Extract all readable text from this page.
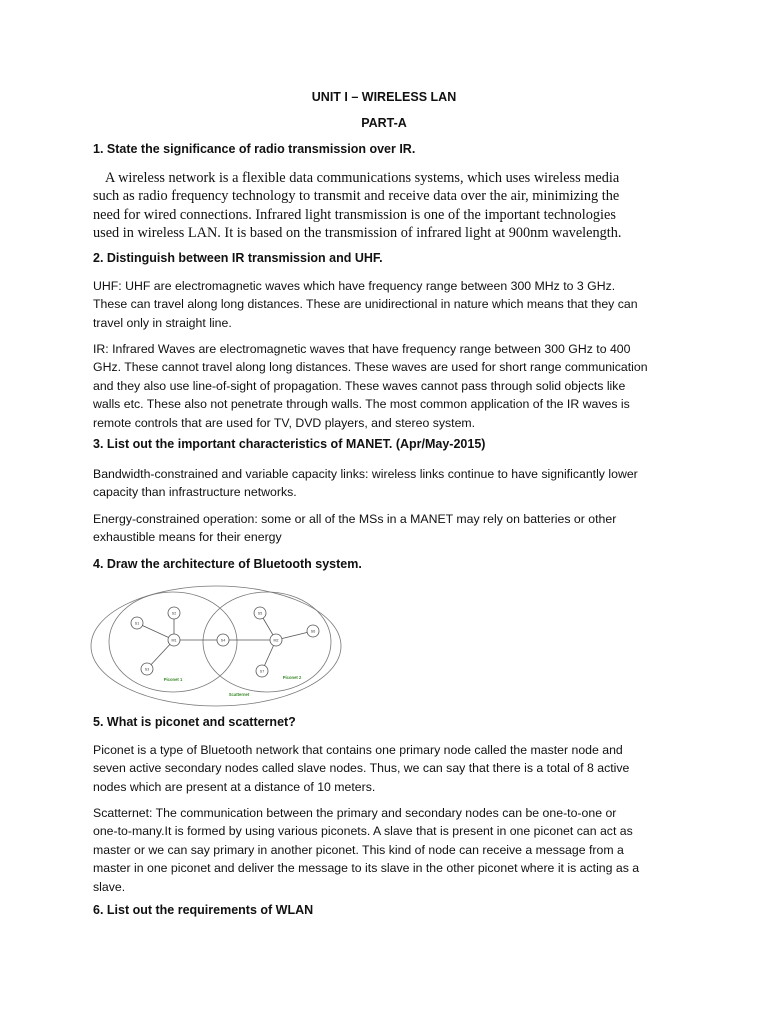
UNIT I – WIRELESS LAN
PART-A
1. State the significance of radio transmission over IR.
A wireless network is a flexible data communications systems, which uses wireless media
such as radio frequency technology to transmit and receive data over the air, minimizing the
need for wired connections. Infrared light transmission is one of the important technologies
used in wireless LAN. It is based on the transmission of infrared light at 900nm wavelength.
2. Distinguish between IR transmission and UHF.
UHF: UHF are electromagnetic waves which have frequency range between 300 MHz to 3 GHz.
These can travel along long distances. These are unidirectional in nature which means that they can
travel only in straight line.
IR: Infrared Waves are electromagnetic waves that have frequency range between 300 GHz to 400
GHz. These cannot travel along long distances. These waves are used for short range communication
and they also use line-of-sight of propagation. These waves cannot pass through solid objects like
walls etc. These also not penetrate through walls. The most common application of the IR waves is
remote controls that are used for TV, DVD players, and stereo system.
3. List out the important characteristics of MANET. (Apr/May-2015)
Bandwidth-constrained and variable capacity links: wireless links continue to have significantly lower
capacity than infrastructure networks.
Energy-constrained operation: some or all of the MSs in a MANET may rely on batteries or other
exhaustible means for their energy
4. Draw the architecture of Bluetooth system.
M1	M2
S1
S2
S3
S4
S5
S6
S7
Piconet 1	Piconet 2
Scatternet
5. What is piconet and scatternet?
Piconet is a type of Bluetooth network that contains one primary node called the master node and
seven active secondary nodes called slave nodes. Thus, we can say that there is a total of 8 active
nodes which are present at a distance of 10 meters.
Scatternet: The communication between the primary and secondary nodes can be one-to-one or
one-to-many.It is formed by using various piconets. A slave that is present in one piconet can act as
master or we can say primary in another piconet. This kind of node can receive a message from a
master in one piconet and deliver the message to its slave in the other piconet where it is acting as a
slave.
6. List out the requirements of WLAN
